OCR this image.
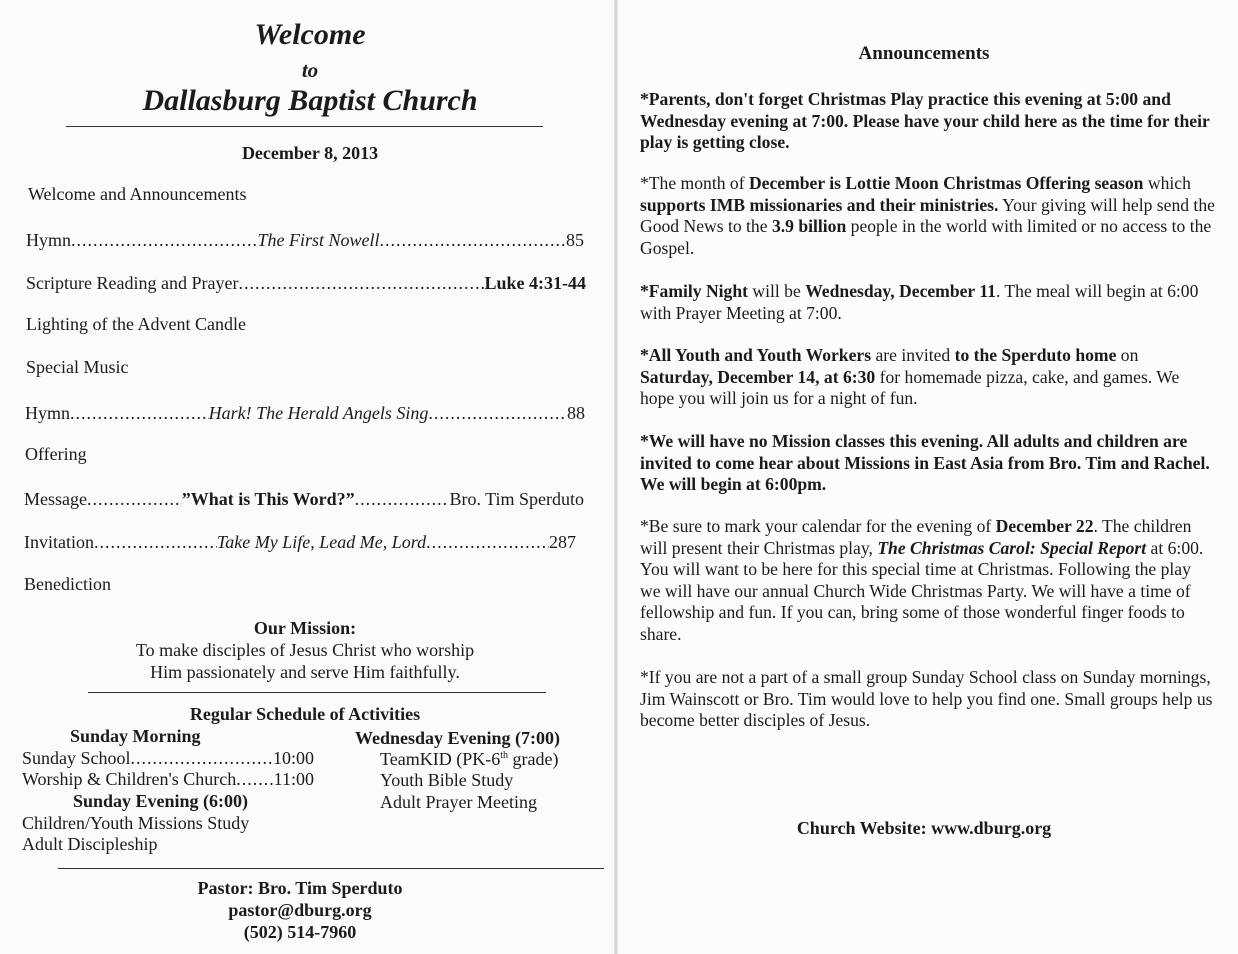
Welcome
to
Dallasburg Baptist Church
December 8, 2013
Welcome and Announcements
Hymn .....	The First Nowell .....	85
Scripture Reading and Prayer .....	Luke 4:31-44
Lighting of the Advent Candle
Special Music
Hymn .....	Hark! The Herald Angels Sing .....	88
Offering
Message .....	”What is This Word?” .....	Bro. Tim Sperduto
Invitation .....	Take My Life, Lead Me, Lord .....	287
Benediction
Our Mission:
To make disciples of Jesus Christ who worship
Him passionately and serve Him faithfully.
Regular Schedule of Activities
Sunday Morning
Sunday School .....	10:00
Worship & Children's Church ..... 11:00
Sunday Evening (6:00)
Children/Youth Missions Study
Adult Discipleship
Wednesday Evening (7:00)
TeamKID (PK-6th grade)
Youth Bible Study
Adult Prayer Meeting
Pastor: Bro. Tim Sperduto
pastor@dburg.org
(502) 514-7960
Announcements
*Parents, don't forget Christmas Play practice this evening at 5:00 and Wednesday evening at 7:00. Please have your child here as the time for their play is getting close.
*The month of December is Lottie Moon Christmas Offering season which supports IMB missionaries and their ministries. Your giving will help send the Good News to the 3.9 billion people in the world with limited or no access to the Gospel.
*Family Night will be Wednesday, December 11. The meal will begin at 6:00 with Prayer Meeting at 7:00.
*All Youth and Youth Workers are invited to the Sperduto home on Saturday, December 14, at 6:30 for homemade pizza, cake, and games. We hope you will join us for a night of fun.
*We will have no Mission classes this evening. All adults and children are invited to come hear about Missions in East Asia from Bro. Tim and Rachel. We will begin at 6:00pm.
*Be sure to mark your calendar for the evening of December 22. The children will present their Christmas play, The Christmas Carol: Special Report at 6:00. You will want to be here for this special time at Christmas. Following the play we will have our annual Church Wide Christmas Party. We will have a time of fellowship and fun. If you can, bring some of those wonderful finger foods to share.
*If you are not a part of a small group Sunday School class on Sunday mornings, Jim Wainscott or Bro. Tim would love to help you find one. Small groups help us become better disciples of Jesus.
Church Website: www.dburg.org
